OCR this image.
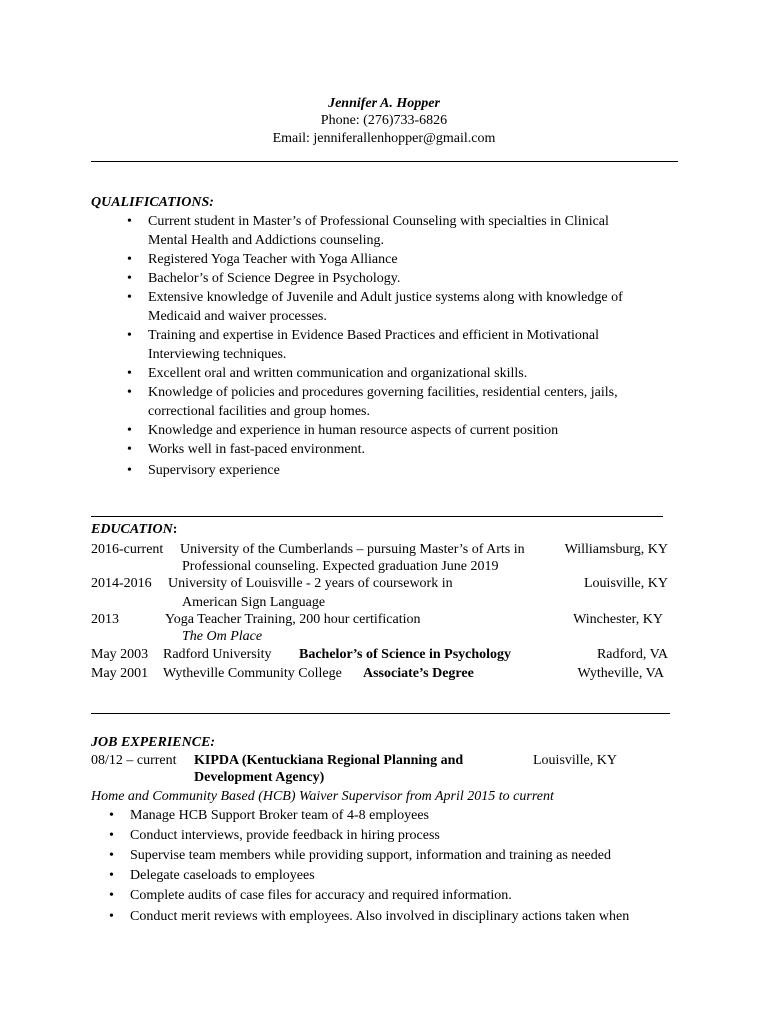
Jennifer A. Hopper
Phone: (276)733-6826
Email: jenniferallenhopper@gmail.com
QUALIFICATIONS:
• Current student in Master’s of Professional Counseling with specialties in Clinical
Mental Health and Addictions counseling.
• Registered Yoga Teacher with Yoga Alliance
• Bachelor’s of Science Degree in Psychology.
• Extensive knowledge of Juvenile and Adult justice systems along with knowledge of
Medicaid and waiver processes.
• Training and expertise in Evidence Based Practices and efficient in Motivational
Interviewing techniques.
• Excellent oral and written communication and organizational skills.
• Knowledge of policies and procedures governing facilities, residential centers, jails,
correctional facilities and group homes.
• Knowledge and experience in human resource aspects of current position
• Works well in fast-paced environment.
• Supervisory experience
EDUCATION:
2016-current University of the Cumberlands – pursuing Master’s of Arts in	Williamsburg, KY
Professional counseling. Expected graduation June 2019
2014-2016 University of Louisville - 2 years of coursework in	Louisville, KY
American Sign Language
2013	Yoga Teacher Training, 200 hour certification	Winchester, KY
The Om Place
May 2003 Radford University Bachelor’s of Science in Psychology	Radford, VA
May 2001 Wytheville Community College Associate’s Degree	Wytheville, VA
JOB EXPERIENCE:
08/12 – current KIPDA (Kentuckiana Regional Planning and	Louisville, KY
Development Agency)
Home and Community Based (HCB) Waiver Supervisor from April 2015 to current
• Manage HCB Support Broker team of 4-8 employees
• Conduct interviews, provide feedback in hiring process
• Supervise team members while providing support, information and training as needed
• Delegate caseloads to employees
• Complete audits of case files for accuracy and required information.
• Conduct merit reviews with employees. Also involved in disciplinary actions taken when
